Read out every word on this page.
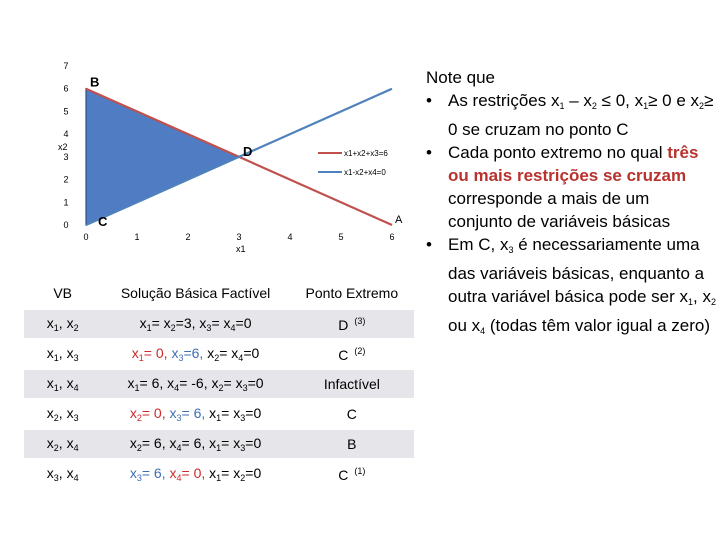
0
1
2
3
4
5
6
7
0	1	2	3	4	5	6
B
D
C	A
x1+x2+x3=6
x1-x2+x4=0
x1
x2
VB	Solução Básica Factível	Ponto Extremo
$x_1$, $x_2$	$x_1= x_2=3$, $x_3= x_4=0$	D $^{(3)}$
$x_1$, $x_3$	$x_1= 0$, $x_3=6$, $x_2= x_4=0$	C $^{(2)}$
$x_1$, $x_4$	$x_1= 6$, $x_4= -6$, $x_2= x_3=0$	Infactível
$x_2$, $x_3$	$x_2= 0$, $x_3= 6$, $x_1= x_3=0$	C
$x_2$, $x_4$	$x_2= 6$, $x_4= 6$, $x_1= x_3=0$	B
$x_3$, $x_4$	$x_3= 6$, $x_4= 0$, $x_1= x_2=0$	C $^{(1)}$
Note que
• As restrições $x_1 - x_2 \le 0$, $x_1\ge 0$ e $x_2\ge 0$ se cruzam no ponto C
• Cada ponto extremo no qual três ou mais restrições se cruzam corresponde a mais de um conjunto de variáveis básicas
• Em C, $x_3$ é necessariamente uma das variáveis básicas, enquanto a outra variável básica pode ser $x_1$, $x_2$ ou $x_4$ (todas têm valor igual a zero)
